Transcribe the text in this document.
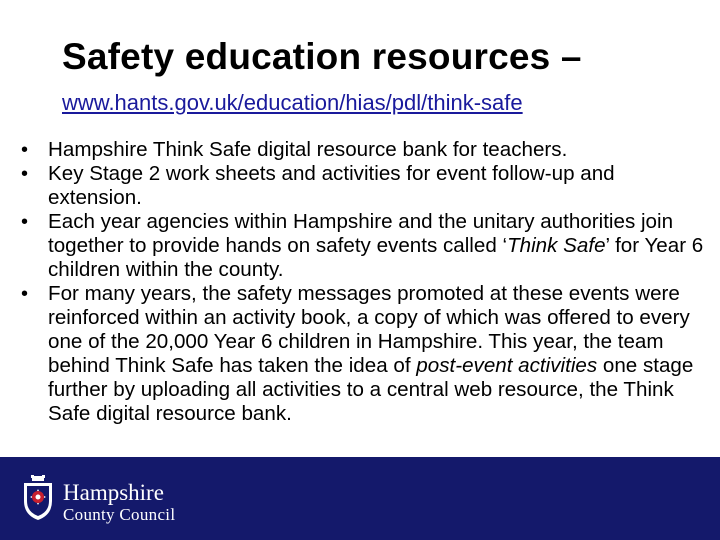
Safety education resources –
www.hants.gov.uk/education/hias/pdl/think-safe
• Hampshire Think Safe digital resource bank for teachers.
• Key Stage 2 work sheets and activities for event follow-up and extension.
• Each year agencies within Hampshire and the unitary authorities join together to provide hands on safety events called ‘Think Safe’ for Year 6 children within the county.
• For many years, the safety messages promoted at these events were reinforced within an activity book, a copy of which was offered to every one of the 20,000 Year 6 children in Hampshire. This year, the team behind Think Safe has taken the idea of post-event activities one stage further by uploading all activities to a central web resource, the Think Safe digital resource bank.
Hampshire
County Council
